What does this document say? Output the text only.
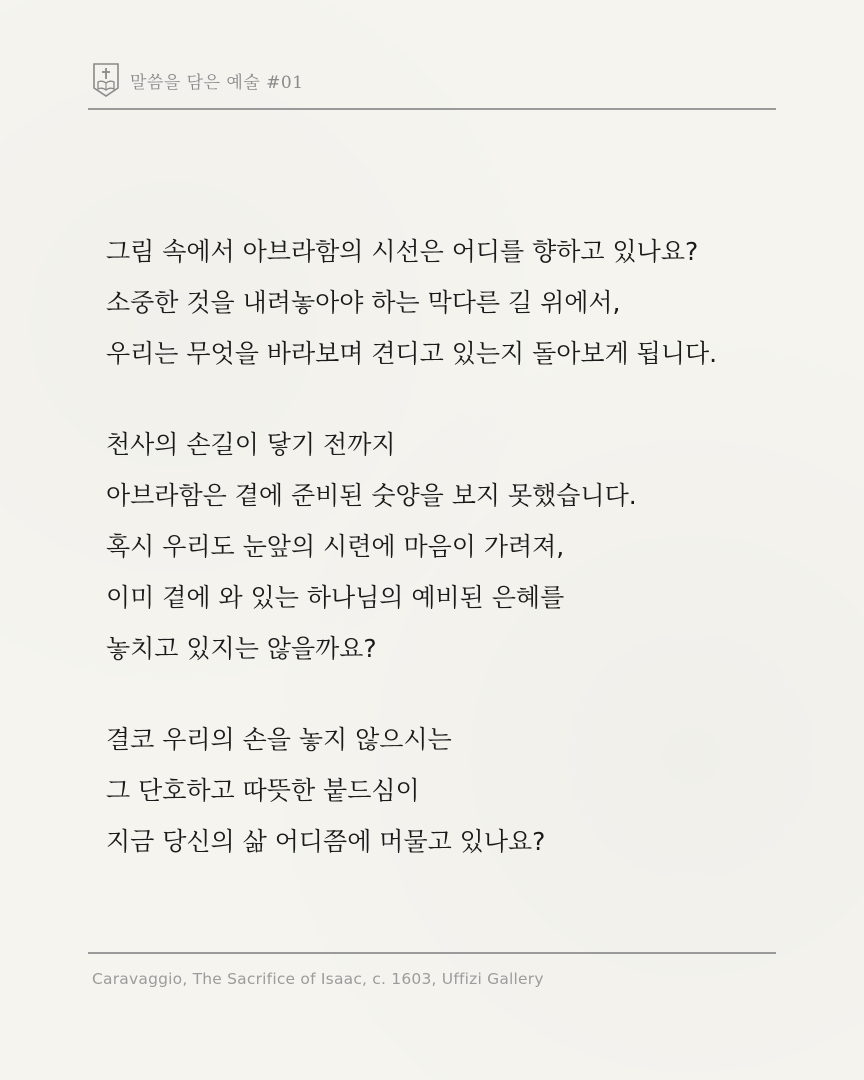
말씀을 담은 예술 #01
그림 속에서 아브라함의 시선은 어디를 향하고 있나요?
소중한 것을 내려놓아야 하는 막다른 길 위에서,
우리는 무엇을 바라보며 견디고 있는지 돌아보게 됩니다.
천사의 손길이 닿기 전까지
아브라함은 곁에 준비된 숫양을 보지 못했습니다.
혹시 우리도 눈앞의 시련에 마음이 가려져,
이미 곁에 와 있는 하나님의 예비된 은혜를
놓치고 있지는 않을까요?
결코 우리의 손을 놓지 않으시는
그 단호하고 따뜻한 붙드심이
지금 당신의 삶 어디쯤에 머물고 있나요?
Caravaggio, The Sacrifice of Isaac, c. 1603, Uffizi Gallery
